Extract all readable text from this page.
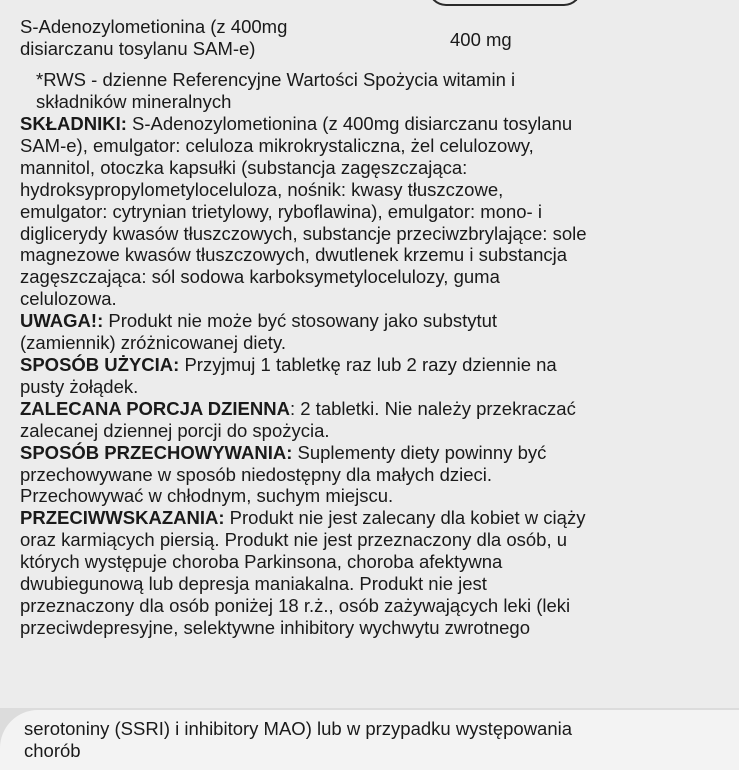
S-Adenozylometionina (z 400mg
disiarczanu tosylanu SAM-e)	400 mg
*RWS - dzienne Referencyjne Wartości Spożycia witamin i
składników mineralnych

SKŁADNIKI: S-Adenozylometionina (z 400mg disiarczanu tosylanu
SAM-e), emulgator: celuloza mikrokrystaliczna, żel celulozowy,
mannitol, otoczka kapsułki (substancja zagęszczająca:
hydroksypropylometyloceluloza, nośnik: kwasy tłuszczowe,
emulgator: cytrynian trietylowy, ryboflawina), emulgator: mono- i
diglicerydy kwasów tłuszczowych, substancje przeciwzbrylające: sole
magnezowe kwasów tłuszczowych, dwutlenek krzemu i substancja
zagęszczająca: sól sodowa karboksymetylocelulozy, guma
celulozowa.

UWAGA!: Produkt nie może być stosowany jako substytut
(zamiennik) zróżnicowanej diety.

SPOSÓB UŻYCIA: Przyjmuj 1 tabletkę raz lub 2 razy dziennie na
pusty żołądek.

ZALECANA PORCJA DZIENNA: 2 tabletki. Nie należy przekraczać
zalecanej dziennej porcji do spożycia.

SPOSÓB PRZECHOWYWANIA: Suplementy diety powinny być
przechowywane w sposób niedostępny dla małych dzieci.
Przechowywać w chłodnym, suchym miejscu.

PRZECIWWSKAZANIA: Produkt nie jest zalecany dla kobiet w ciąży
oraz karmiących piersią. Produkt nie jest przeznaczony dla osób, u
których występuje choroba Parkinsona, choroba afektywna
dwubiegunową lub depresja maniakalna. Produkt nie jest
przeznaczony dla osób poniżej 18 r.ż., osób zażywających leki (leki
przeciwdepresyjne, selektywne inhibitory wychwytu zwrotnego

serotoniny (SSRI) i inhibitory MAO) lub w przypadku występowania
chorób
